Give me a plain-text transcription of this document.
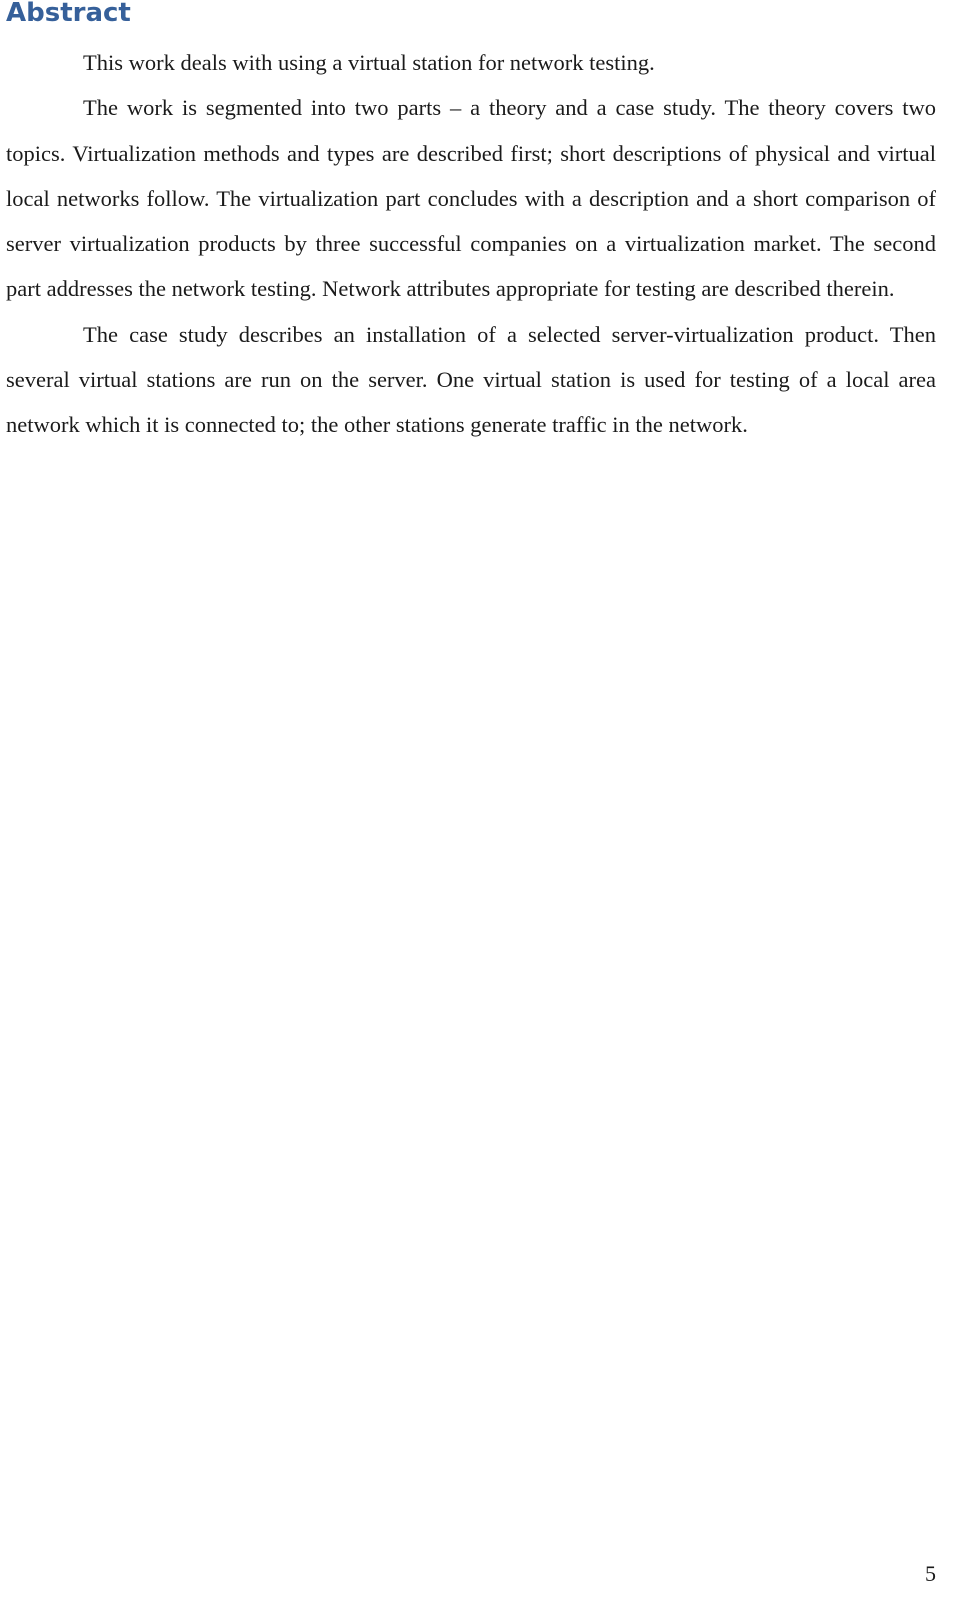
Abstract

This work deals with using a virtual station for network testing.

The work is segmented into two parts – a theory and a case study. The theory covers two topics. Virtualization methods and types are described first; short descriptions of physical and virtual local networks follow. The virtualization part concludes with a description and a short comparison of server virtualization products by three successful companies on a virtualization market. The second part addresses the network testing. Network attributes appropriate for testing are described therein.

The case study describes an installation of a selected server-virtualization product. Then several virtual stations are run on the server. One virtual station is used for testing of a local area network which it is connected to; the other stations generate traffic in the network.

5
